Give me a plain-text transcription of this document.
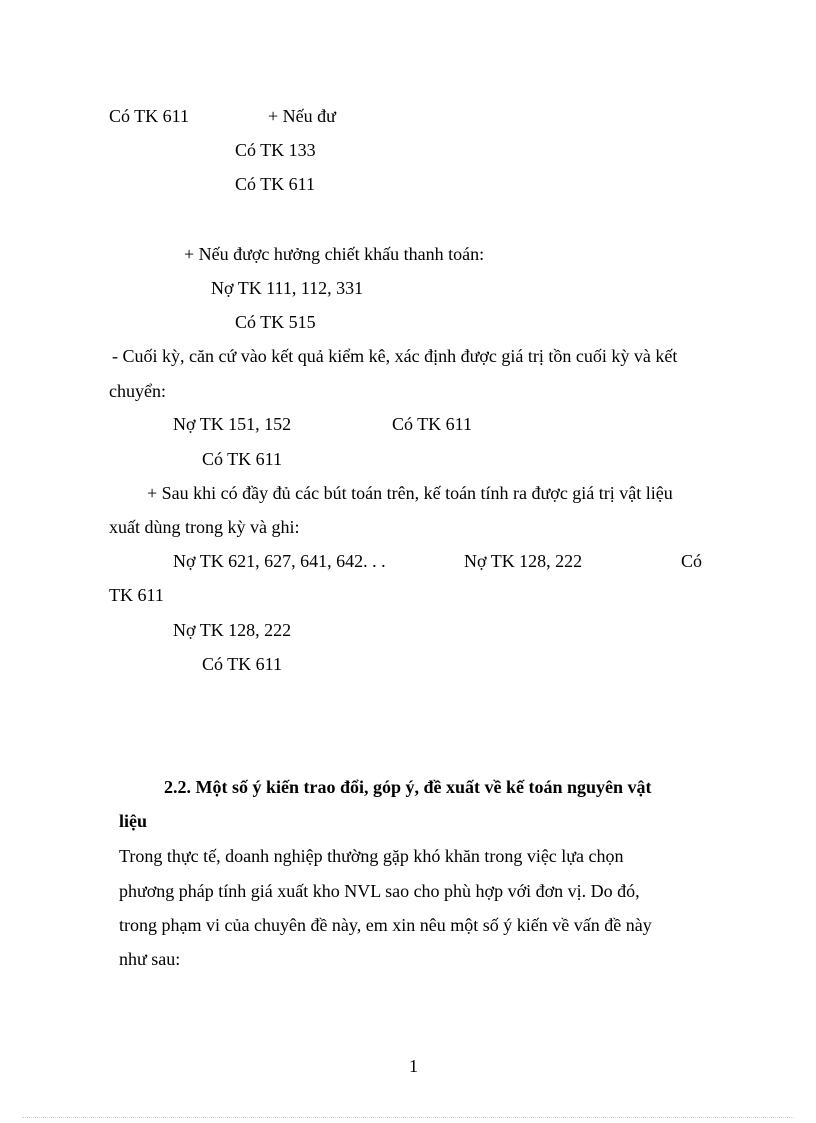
Có TK 611	+ Nếu đư
Có TK 133
Có TK 611
+ Nếu được hưởng chiết khấu thanh toán:
Nợ TK 111, 112, 331
Có TK 515
- Cuối kỳ, căn cứ vào kết quả kiểm kê, xác định được giá trị tồn cuối kỳ và kết
chuyển:
Nợ TK 151, 152	Có TK 611
Có TK 611
+ Sau khi có đầy đủ các bút toán trên, kế toán tính ra được giá trị vật liệu
xuất dùng trong kỳ và ghi:
Nợ TK 621, 627, 641, 642. . .	Nợ TK 128, 222	Có
TK 611
Nợ TK 128, 222
Có TK 611
2.2. Một số ý kiến trao đổi, góp ý, đề xuất về kế toán nguyên vật
liệu
Trong thực tế, doanh nghiệp thường gặp khó khăn trong việc lựa chọn
phương pháp tính giá xuất kho NVL sao cho phù hợp với đơn vị. Do đó,
trong phạm vi của chuyên đề này, em xin nêu một số ý kiến về vấn đề này
như sau:
1
